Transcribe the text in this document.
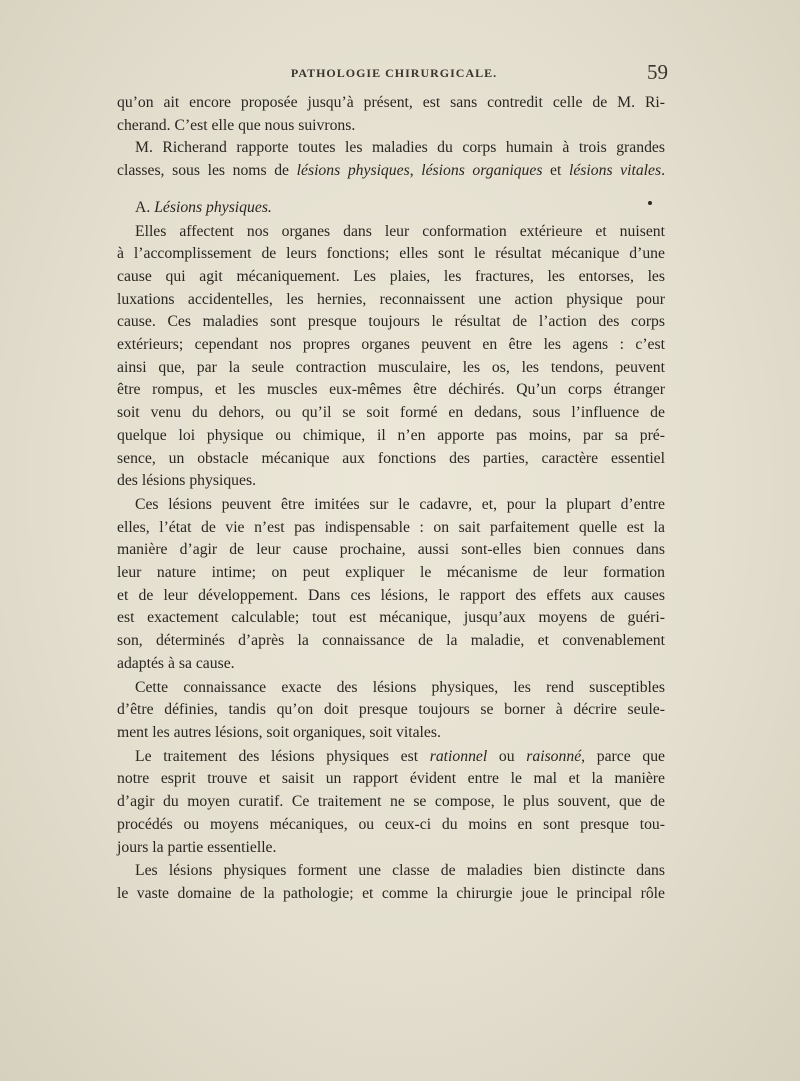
PATHOLOGIE CHIRURGICALE.	59

qu’on ait encore proposée jusqu’à présent, est sans contredit celle de M. Ri-
cherand. C’est elle que nous suivrons.

M. Richerand rapporte toutes les maladies du corps humain à trois grandes
classes, sous les noms de lésions physiques, lésions organiques et lésions vitales.

A. Lésions physiques.

Elles affectent nos organes dans leur conformation extérieure et nuisent
à l’accomplissement de leurs fonctions; elles sont le résultat mécanique d’une
cause qui agit mécaniquement. Les plaies, les fractures, les entorses, les
luxations accidentelles, les hernies, reconnaissent une action physique pour
cause. Ces maladies sont presque toujours le résultat de l’action des corps
extérieurs; cependant nos propres organes peuvent en être les agens : c’est
ainsi que, par la seule contraction musculaire, les os, les tendons, peuvent
être rompus, et les muscles eux-mêmes être déchirés. Qu’un corps étranger
soit venu du dehors, ou qu’il se soit formé en dedans, sous l’influence de
quelque loi physique ou chimique, il n’en apporte pas moins, par sa pré-
sence, un obstacle mécanique aux fonctions des parties, caractère essentiel
des lésions physiques.

Ces lésions peuvent être imitées sur le cadavre, et, pour la plupart d’entre
elles, l’état de vie n’est pas indispensable : on sait parfaitement quelle est la
manière d’agir de leur cause prochaine, aussi sont-elles bien connues dans
leur nature intime; on peut expliquer le mécanisme de leur formation
et de leur développement. Dans ces lésions, le rapport des effets aux causes
est exactement calculable; tout est mécanique, jusqu’aux moyens de guéri-
son, déterminés d’après la connaissance de la maladie, et convenablement
adaptés à sa cause.

Cette connaissance exacte des lésions physiques, les rend susceptibles
d’être définies, tandis qu’on doit presque toujours se borner à décrire seule-
ment les autres lésions, soit organiques, soit vitales.

Le traitement des lésions physiques est rationnel ou raisonné, parce que
notre esprit trouve et saisit un rapport évident entre le mal et la manière
d’agir du moyen curatif. Ce traitement ne se compose, le plus souvent, que de
procédés ou moyens mécaniques, ou ceux-ci du moins en sont presque tou-
jours la partie essentielle.

Les lésions physiques forment une classe de maladies bien distincte dans
le vaste domaine de la pathologie; et comme la chirurgie joue le principal rôle
